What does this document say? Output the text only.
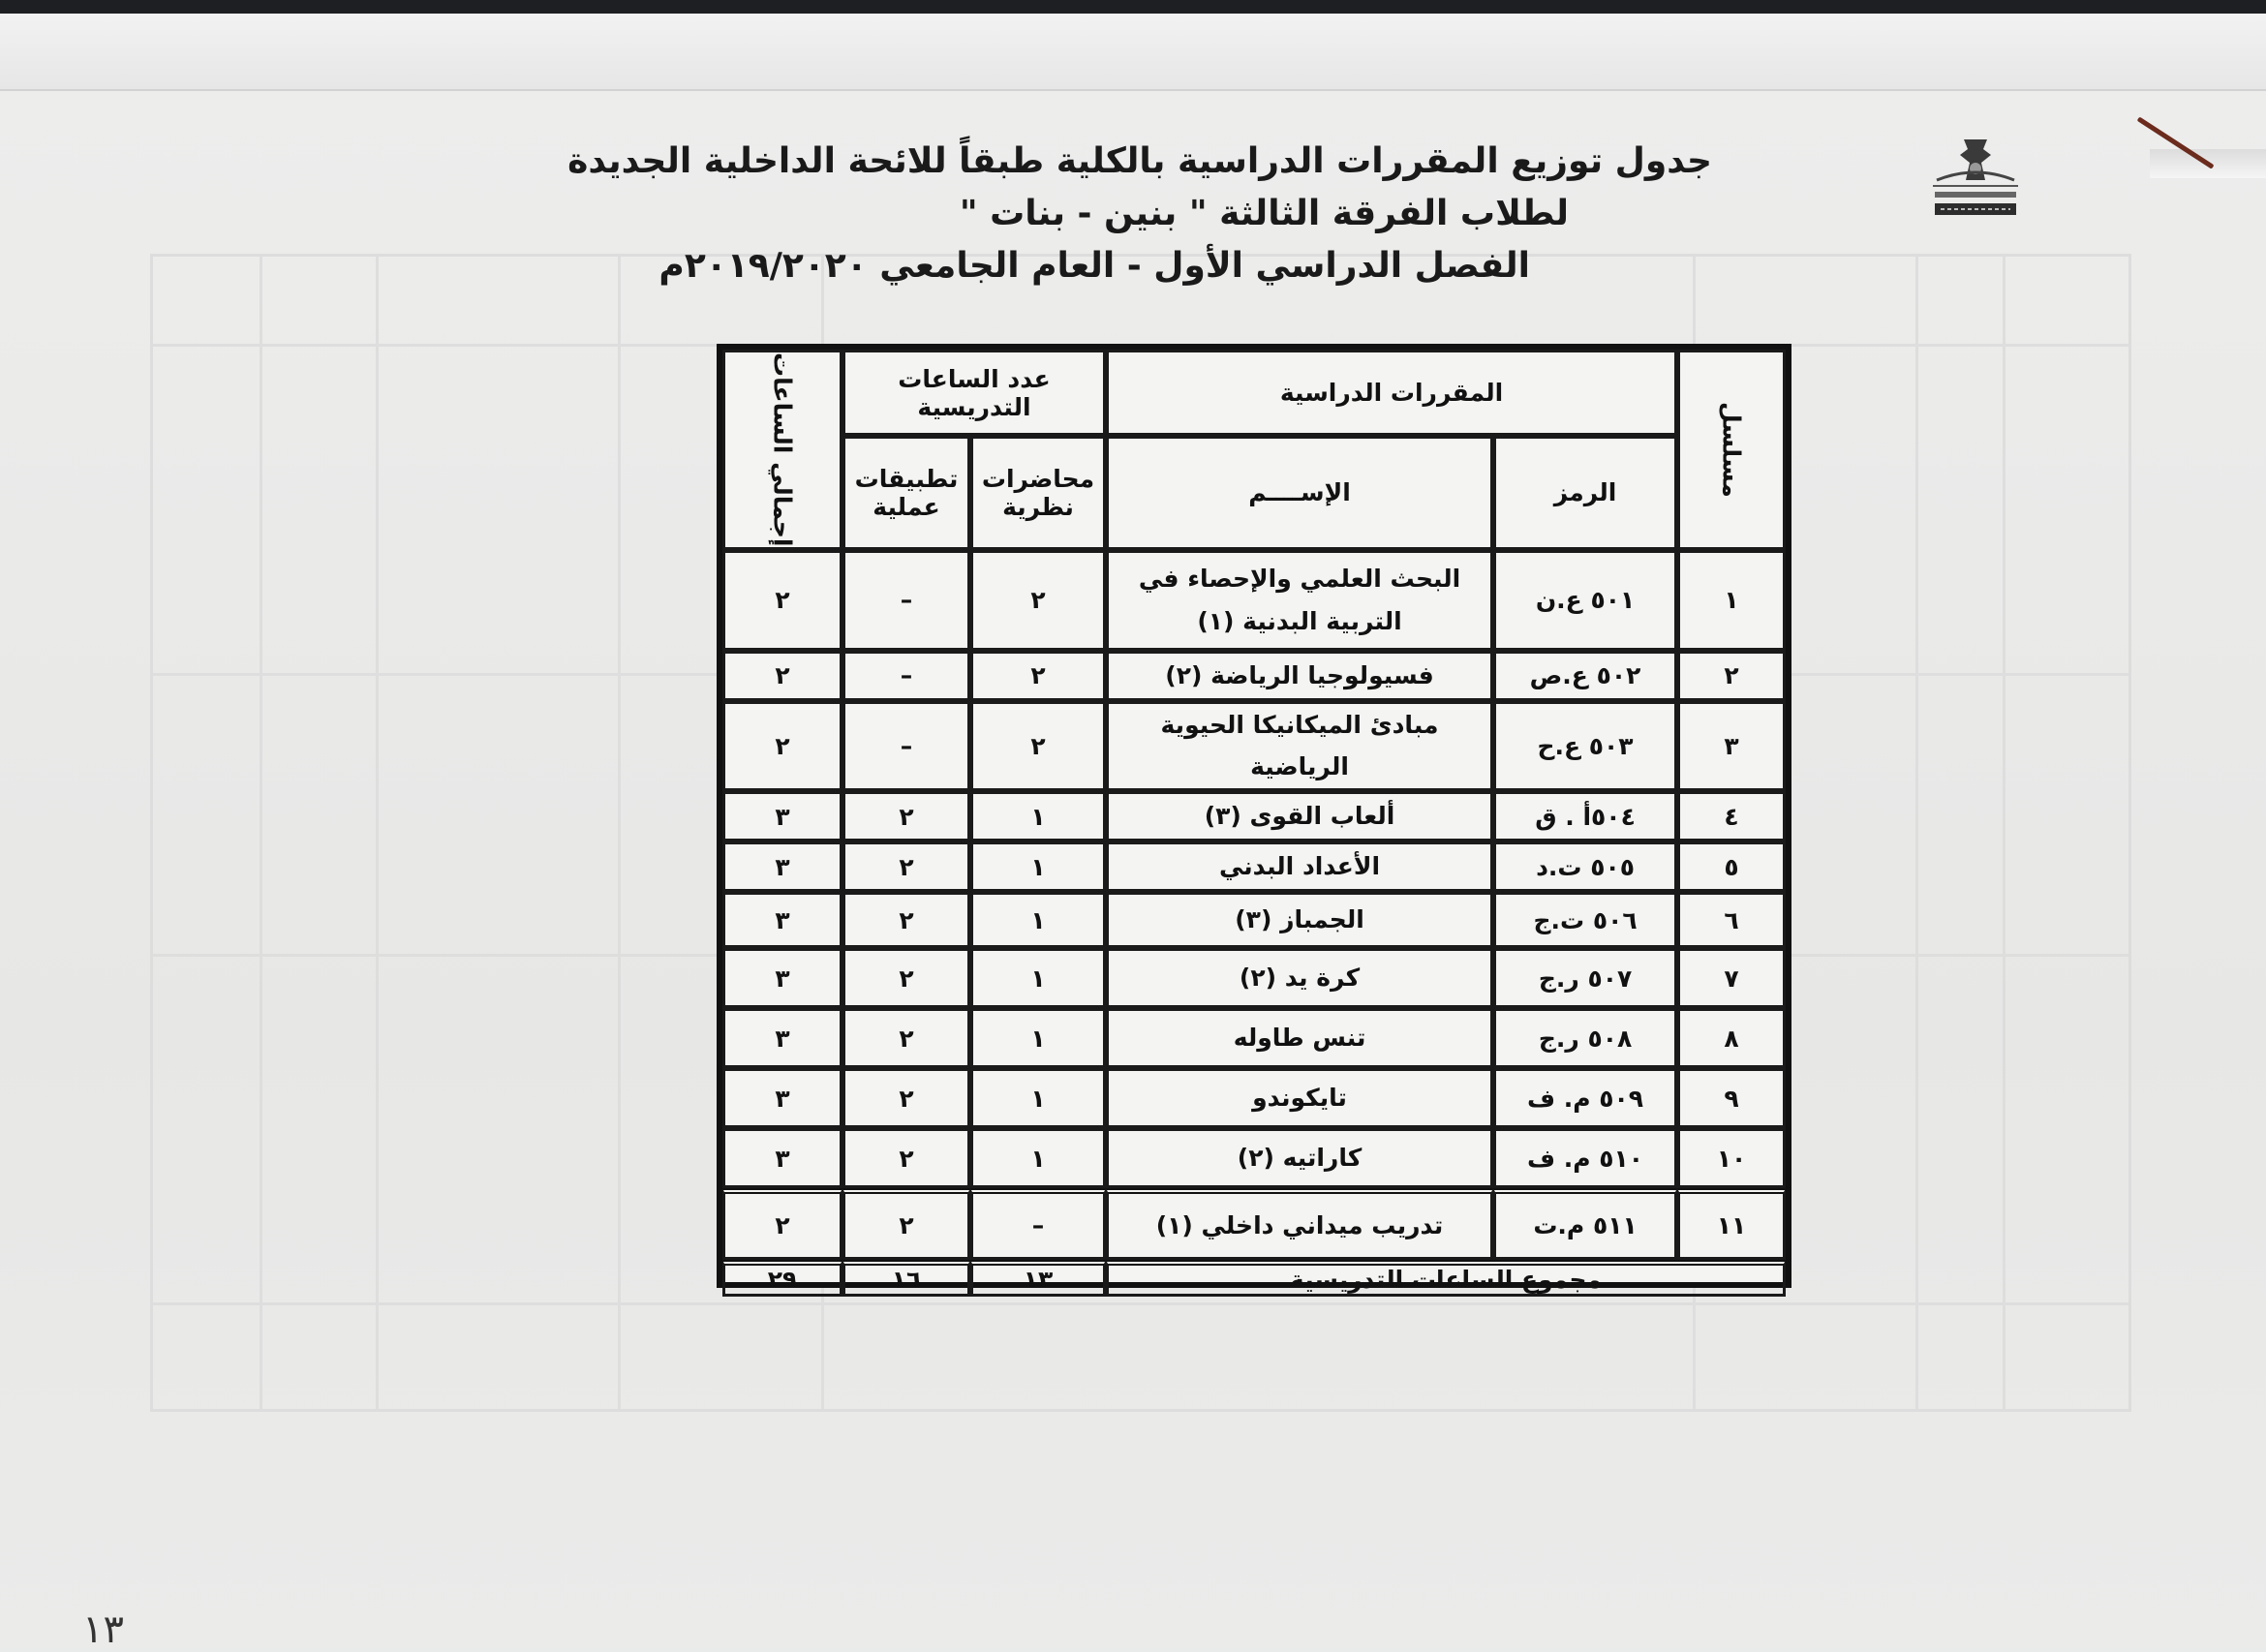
جدول توزيع المقررات الدراسية بالكلية طبقاً للائحة الداخلية الجديدة
لطلاب الفرقة الثالثة " بنين - بنات "
الفصل الدراسي الأول - العام الجامعي ٢٠١٩/٢٠٢٠م
مسلسل	المقررات الدراسية		عدد الساعات التدريسية		إجمالي الساعات
	الرمز	الإســــم	محاضرات نظرية	تطبيقات عملية	
١	٥٠١ ع.ن	البحث العلمي والإحصاء في التربية البدنية (١)	٢	–	٢
٢	٥٠٢ ع.ص	فسيولوجيا الرياضة (٢)	٢	–	٢
٣	٥٠٣ ع.ح	مبادئ الميكانيكا الحيوية الرياضية	٢	–	٢
٤	٥٠٤أ . ق	ألعاب القوى (٣)	١	٢	٣
٥	٥٠٥ ت.د	الأعداد البدني	١	٢	٣
٦	٥٠٦ ت.ج	الجمباز (٣)	١	٢	٣
٧	٥٠٧ ر.ج	كرة يد (٢)	١	٢	٣
٨	٥٠٨ ر.ج	تنس طاوله	١	٢	٣
٩	٥٠٩ م. ف	تايكوندو	١	٢	٣
١٠	٥١٠ م. ف	كاراتيه (٢)	١	٢	٣
١١	٥١١ م.ت	تدريب ميداني داخلي (١)	–	٢	٢
مجموع الساعات التدريسية			١٣	١٦	٢٩
١٣
